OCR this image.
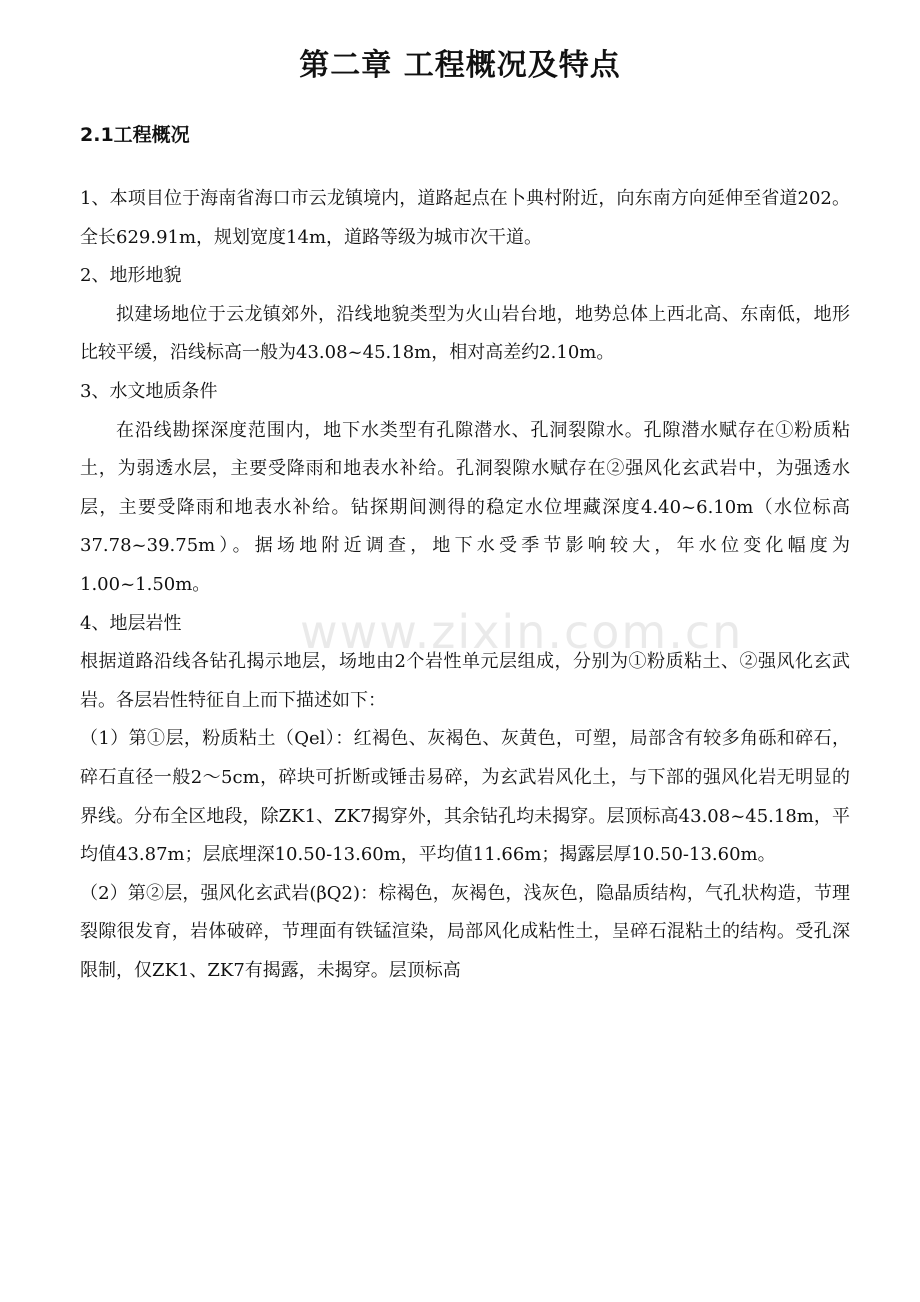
第二章 工程概况及特点
2.1工程概况

1、本项目位于海南省海口市云龙镇境内，道路起点在卜典村附近，向东南方向延伸至省道202。全长629.91m，规划宽度14m，道路等级为城市次干道。

2、地形地貌

拟建场地位于云龙镇郊外，沿线地貌类型为火山岩台地，地势总体上西北高、东南低，地形比较平缓，沿线标高一般为43.08~45.18m，相对高差约2.10m。

3、水文地质条件

在沿线勘探深度范围内，地下水类型有孔隙潜水、孔洞裂隙水。孔隙潜水赋存在①粉质粘土，为弱透水层，主要受降雨和地表水补给。孔洞裂隙水赋存在②强风化玄武岩中，为强透水层，主要受降雨和地表水补给。钻探期间测得的稳定水位埋藏深度4.40~6.10m（水位标高37.78~39.75m）。据场地附近调查，地下水受季节影响较大，年水位变化幅度为1.00~1.50m。

4、地层岩性

根据道路沿线各钻孔揭示地层，场地由2个岩性单元层组成，分别为①粉质粘土、②强风化玄武岩。各层岩性特征自上而下描述如下：

（1）第①层，粉质粘土（Qel）：红褐色、灰褐色、灰黄色，可塑，局部含有较多角砾和碎石，碎石直径一般2～5cm，碎块可折断或锤击易碎，为玄武岩风化土，与下部的强风化岩无明显的界线。分布全区地段，除ZK1、ZK7揭穿外，其余钻孔均未揭穿。层顶标高43.08~45.18m，平均值43.87m；层底埋深10.50-13.60m，平均值11.66m；揭露层厚10.50-13.60m。

（2）第②层，强风化玄武岩(βQ2)：棕褐色，灰褐色，浅灰色，隐晶质结构，气孔状构造，节理裂隙很发育，岩体破碎，节理面有铁锰渲染，局部风化成粘性土，呈碎石混粘土的结构。受孔深限制，仅ZK1、ZK7有揭露，未揭穿。层顶标高

www.zixin.com.cn
